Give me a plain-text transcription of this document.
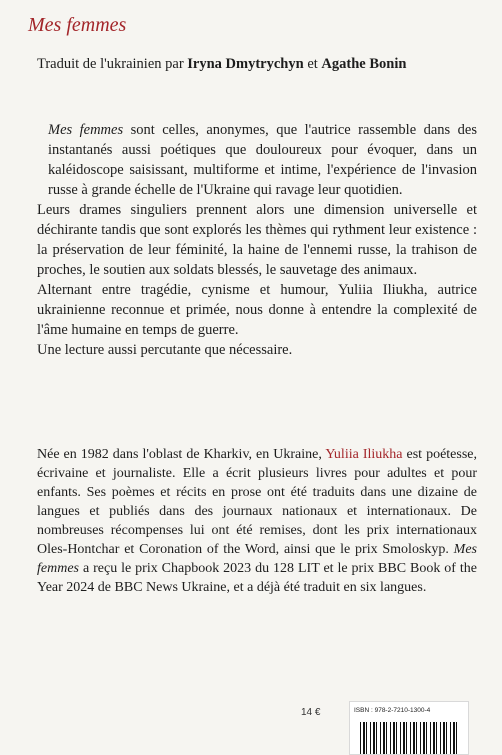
Mes femmes
Traduit de l'ukrainien par Iryna Dmytrychyn et Agathe Bonin

Mes femmes sont celles, anonymes, que l'autrice rassemble dans des instantanés aussi poétiques que douloureux pour évoquer, dans un kaléidoscope saisissant, multiforme et intime, l'expérience de l'invasion russe à grande échelle de l'Ukraine qui ravage leur quotidien.

Leurs drames singuliers prennent alors une dimension universelle et déchirante tandis que sont explorés les thèmes qui rythment leur existence : la préservation de leur féminité, la haine de l'ennemi russe, la trahison de proches, le soutien aux soldats blessés, le sauvetage des animaux.

Alternant entre tragédie, cynisme et humour, Yuliia Iliukha, autrice ukrainienne reconnue et primée, nous donne à entendre la complexité de l'âme humaine en temps de guerre.

Une lecture aussi percutante que nécessaire.

Née en 1982 dans l'oblast de Kharkiv, en Ukraine, Yuliia Iliukha est poétesse, écrivaine et journaliste. Elle a écrit plusieurs livres pour adultes et pour enfants. Ses poèmes et récits en prose ont été traduits dans une dizaine de langues et publiés dans des journaux nationaux et internationaux. De nombreuses récompenses lui ont été remises, dont les prix internationaux Oles-Hontchar et Coronation of the Word, ainsi que le prix Smoloskyp. Mes femmes a reçu le prix Chapbook 2023 du 128 LIT et le prix BBC Book of the Year 2024 de BBC News Ukraine, et a déjà été traduit en six langues.

14 €	ISBN : 978-2-7210-1300-4
